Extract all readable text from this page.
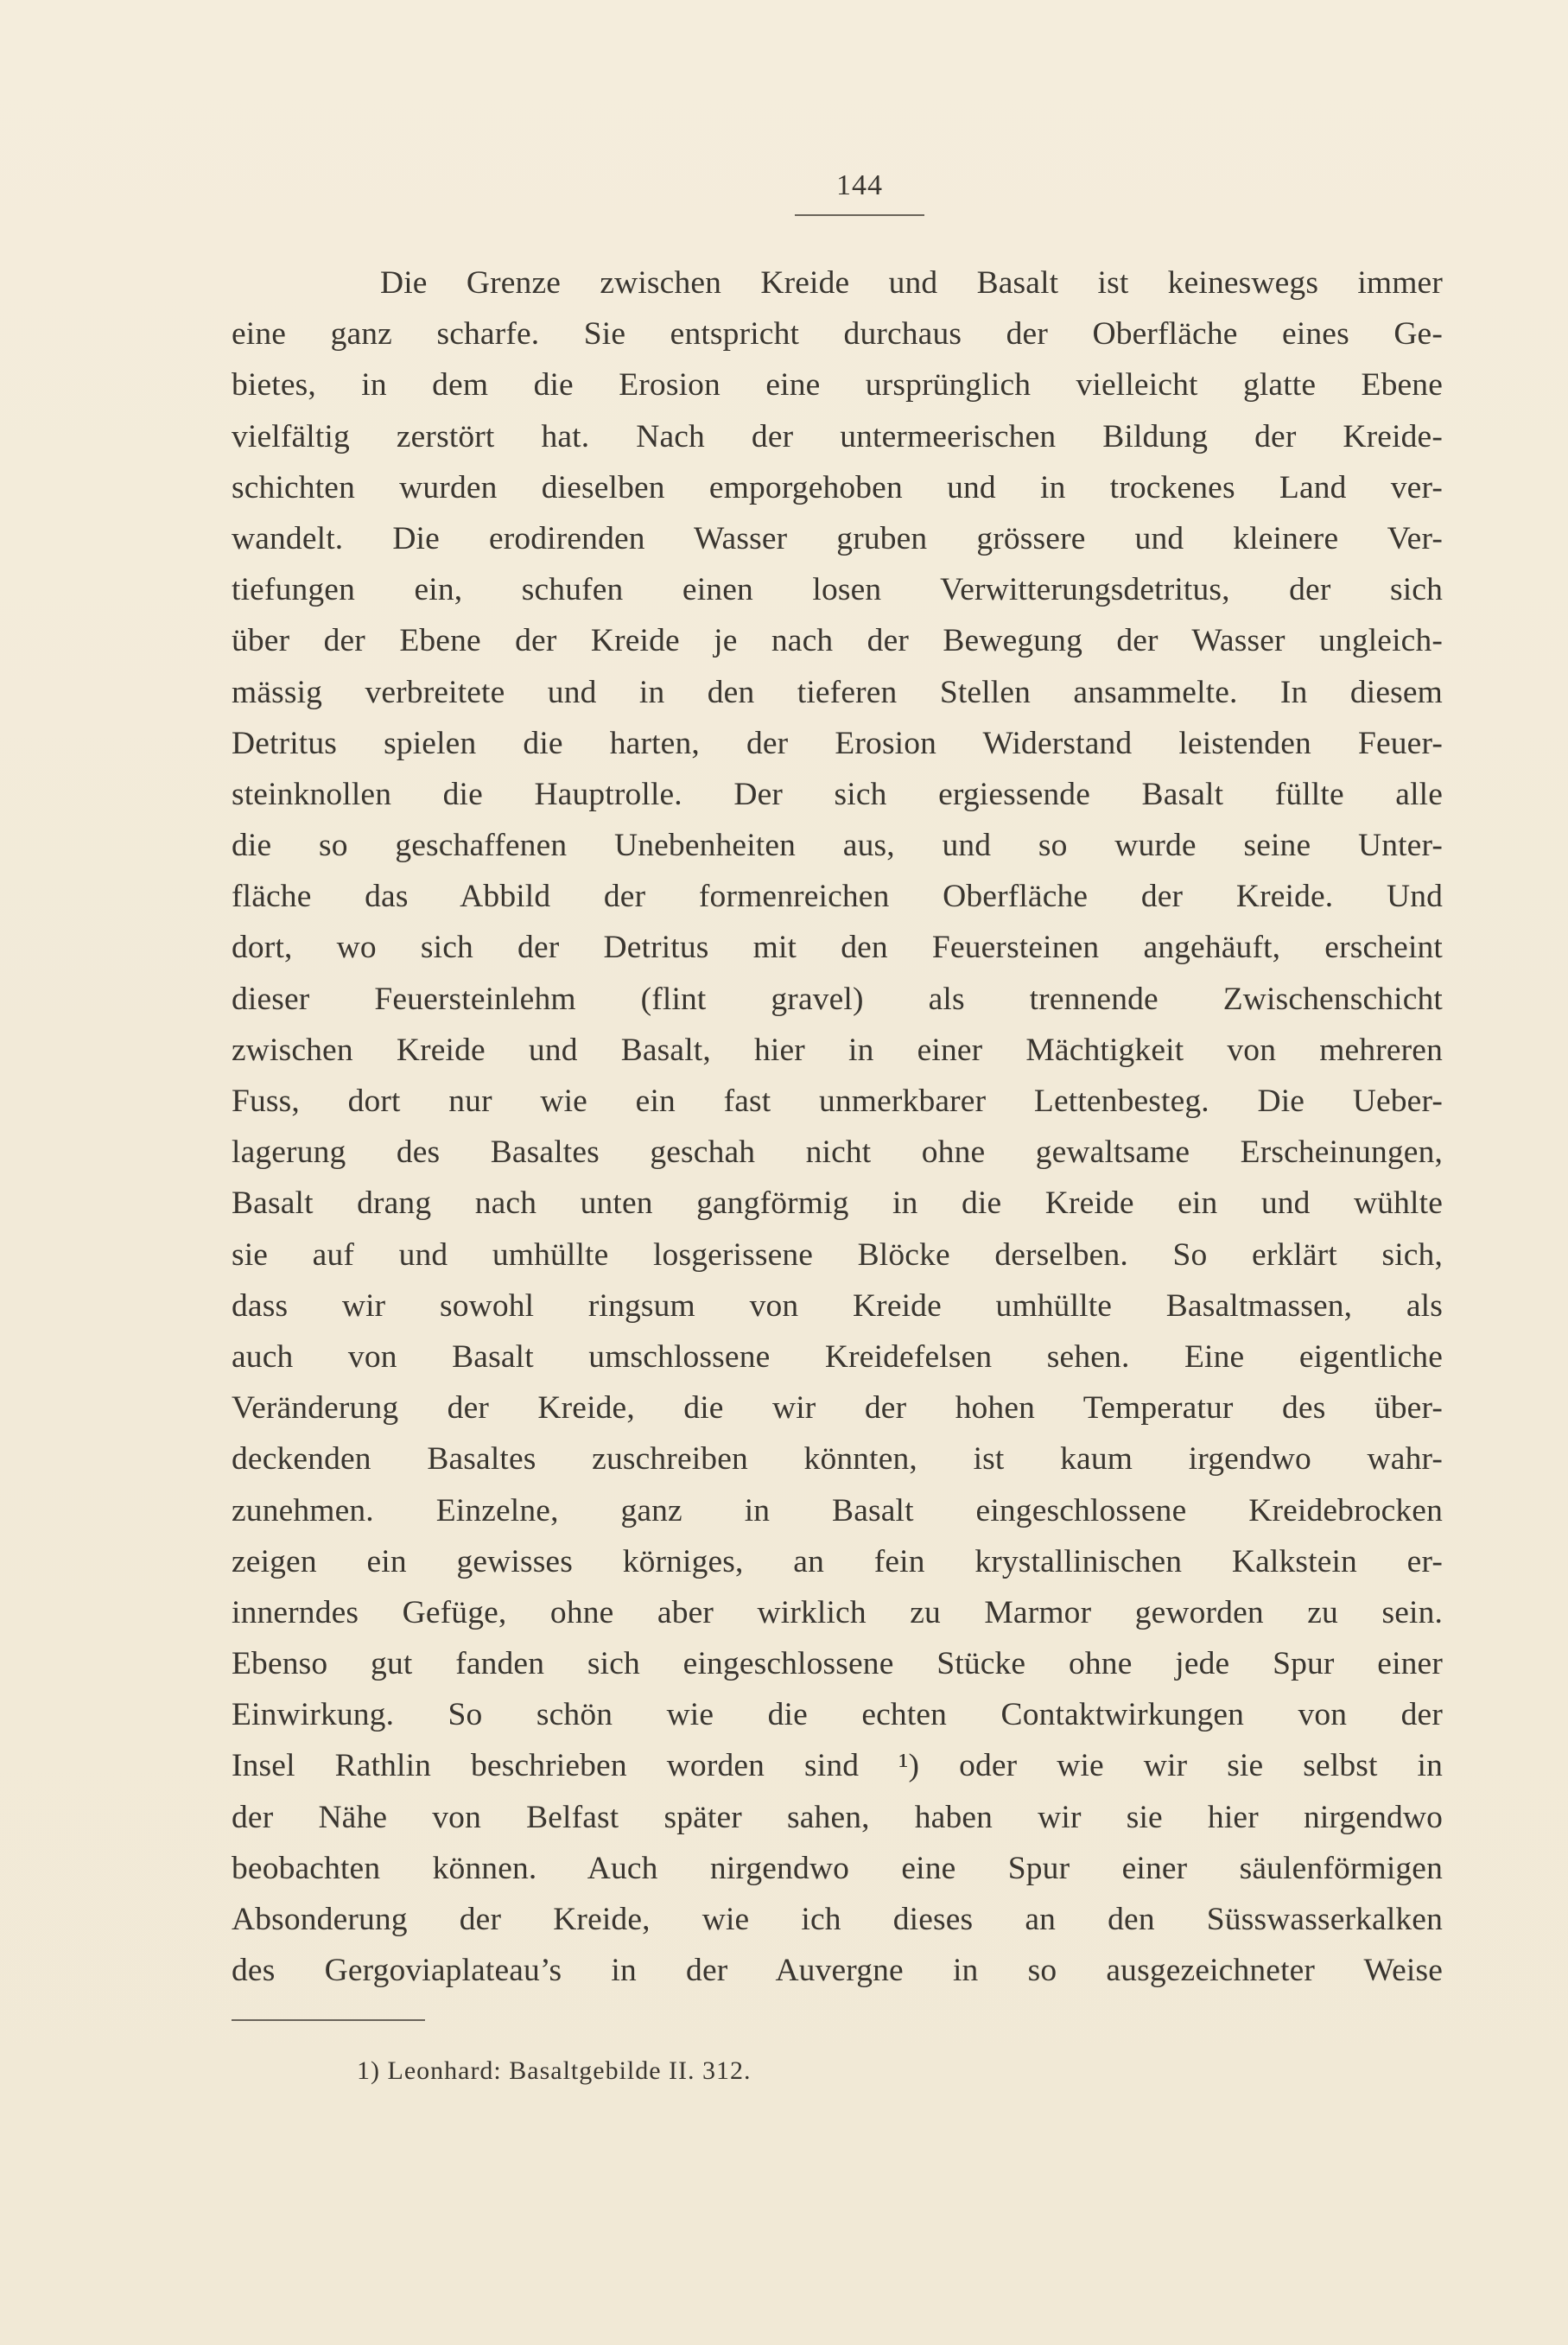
144
Die Grenze zwischen Kreide und Basalt ist keineswegs immer
eine ganz scharfe. Sie entspricht durchaus der Oberfläche eines Ge-
bietes, in dem die Erosion eine ursprünglich vielleicht glatte Ebene
vielfältig zerstört hat. Nach der untermeerischen Bildung der Kreide-
schichten wurden dieselben emporgehoben und in trockenes Land ver-
wandelt. Die erodirenden Wasser gruben grössere und kleinere Ver-
tiefungen ein, schufen einen losen Verwitterungsdetritus, der sich
über der Ebene der Kreide je nach der Bewegung der Wasser ungleich-
mässig verbreitete und in den tieferen Stellen ansammelte. In diesem
Detritus spielen die harten, der Erosion Widerstand leistenden Feuer-
steinknollen die Hauptrolle. Der sich ergiessende Basalt füllte alle
die so geschaffenen Unebenheiten aus, und so wurde seine Unter-
fläche das Abbild der formenreichen Oberfläche der Kreide. Und
dort, wo sich der Detritus mit den Feuersteinen angehäuft, erscheint
dieser Feuersteinlehm (flint gravel) als trennende Zwischenschicht
zwischen Kreide und Basalt, hier in einer Mächtigkeit von mehreren
Fuss, dort nur wie ein fast unmerkbarer Lettenbesteg. Die Ueber-
lagerung des Basaltes geschah nicht ohne gewaltsame Erscheinungen,
Basalt drang nach unten gangförmig in die Kreide ein und wühlte
sie auf und umhüllte losgerissene Blöcke derselben. So erklärt sich,
dass wir sowohl ringsum von Kreide umhüllte Basaltmassen, als
auch von Basalt umschlossene Kreidefelsen sehen. Eine eigentliche
Veränderung der Kreide, die wir der hohen Temperatur des über-
deckenden Basaltes zuschreiben könnten, ist kaum irgendwo wahr-
zunehmen. Einzelne, ganz in Basalt eingeschlossene Kreidebrocken
zeigen ein gewisses körniges, an fein krystallinischen Kalkstein er-
innerndes Gefüge, ohne aber wirklich zu Marmor geworden zu sein.
Ebenso gut fanden sich eingeschlossene Stücke ohne jede Spur einer
Einwirkung. So schön wie die echten Contaktwirkungen von der
Insel Rathlin beschrieben worden sind ¹) oder wie wir sie selbst in
der Nähe von Belfast später sahen, haben wir sie hier nirgendwo
beobachten können. Auch nirgendwo eine Spur einer säulenförmigen
Absonderung der Kreide, wie ich dieses an den Süsswasserkalken
des Gergoviaplateau’s in der Auvergne in so ausgezeichneter Weise
1) Leonhard: Basaltgebilde II. 312.
